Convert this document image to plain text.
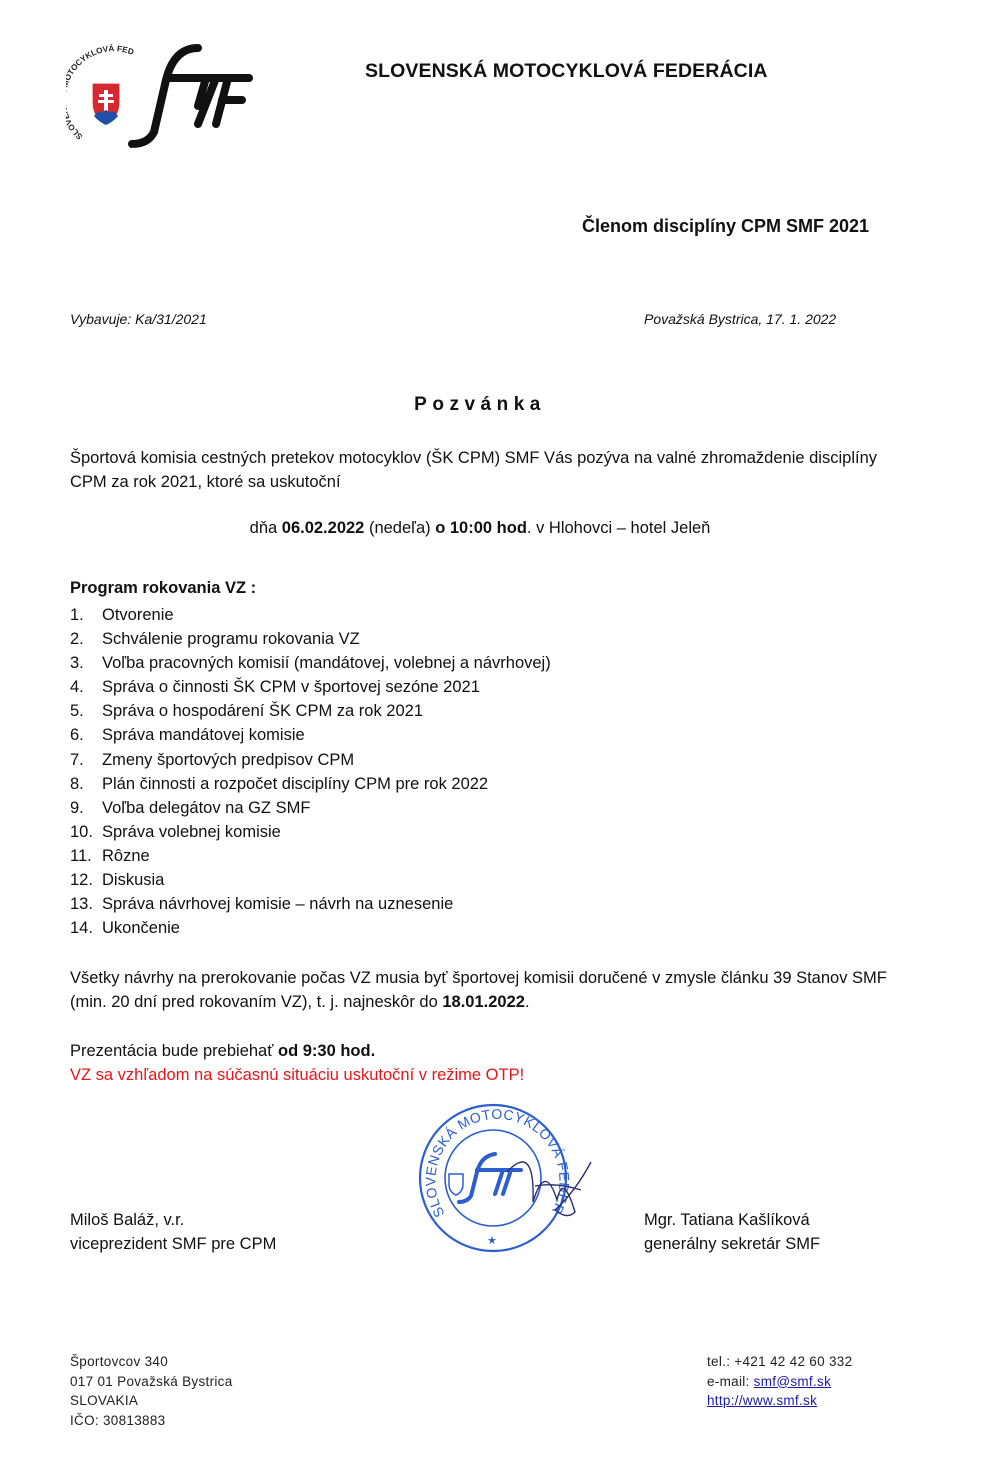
SLO TOCYKLOVÁ FED
SMF
SLOVENSKÁ MOTOCYKLOVÁ FEDERÁCIA
Členom disciplíny CPM SMF 2021
Vybavuje: Ka/31/2021	Považská Bystrica, 17. 1. 2022
Pozvánka
Športová komisia cestných pretekov motocyklov (ŠK CPM) SMF Vás pozýva na valné zhromaždenie disciplíny CPM za rok 2021, ktoré sa uskutoční
dňa 06.02.2022 (nedeľa) o 10:00 hod. v Hlohovci – hotel Jeleň
Program rokovania VZ :
1. Otvorenie
2. Schválenie programu rokovania VZ
3. Voľba pracovných komisií (mandátovej, volebnej a návrhovej)
4. Správa o činnosti ŠK CPM v športovej sezóne 2021
5. Správa o hospodárení ŠK CPM za rok 2021
6. Správa mandátovej komisie
7. Zmeny športových predpisov CPM
8. Plán činnosti a rozpočet disciplíny CPM pre rok 2022
9. Voľba delegátov na GZ SMF
10. Správa volebnej komisie
11. Rôzne
12. Diskusia
13. Správa návrhovej komisie – návrh na uznesenie
14. Ukončenie
Všetky návrhy na prerokovanie počas VZ musia byť športovej komisii doručené v zmysle článku 39 Stanov SMF (min. 20 dní pred rokovaním VZ), t. j. najneskôr do 18.01.2022.
Prezentácia bude prebiehať od 9:30 hod.
VZ sa vzhľadom na súčasnú situáciu uskutoční v režime OTP!
SLOVENSKÁ MOTOCYKLOVÁ FEDER
★
SMF
Miloš Baláž, v.r.
viceprezident SMF pre CPM
Mgr. Tatiana Kašlíková
generálny sekretár SMF
Športovcov 340
017 01 Považská Bystrica
SLOVAKIA
IČO: 30813883
tel.: +421 42 42 60 332
e-mail: smf@smf.sk
http://www.smf.sk
